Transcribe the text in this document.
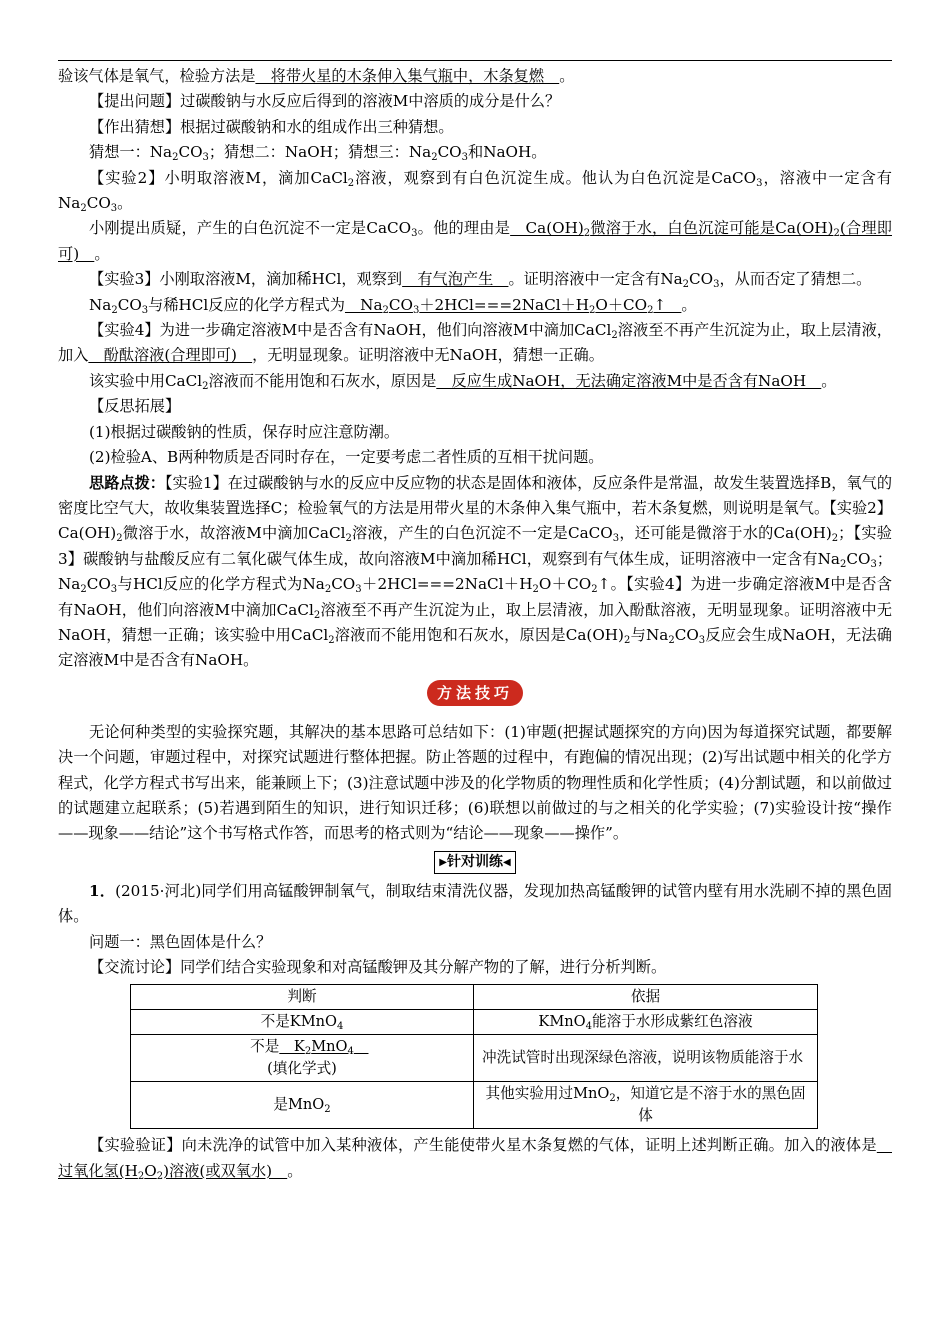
验该气体是氧气，检验方法是　将带火星的木条伸入集气瓶中，木条复燃　。

【提出问题】过碳酸钠与水反应后得到的溶液M中溶质的成分是什么？

【作出猜想】根据过碳酸钠和水的组成作出三种猜想。

猜想一：$Na_2CO_3$；猜想二：NaOH；猜想三：$Na_2CO_3$和NaOH。

【实验2】小明取溶液M，滴加CaCl$_2$溶液，观察到有白色沉淀生成。他认为白色沉淀是CaCO$_3$，溶液中一定含有$Na_2CO_3$。

小刚提出质疑，产生的白色沉淀不一定是CaCO$_3$。他的理由是　$Ca(OH)_2$微溶于水，白色沉淀可能是$Ca(OH)_2$(合理即可)　。

【实验3】小刚取溶液M，滴加稀HCl，观察到　有气泡产生　。证明溶液中一定含有$Na_2CO_3$，从而否定了猜想二。

$Na_2CO_3$与稀HCl反应的化学方程式为　$Na_2CO_3+2HCl===2NaCl+H_2O+CO_2↑$　。

【实验4】为进一步确定溶液M中是否含有NaOH，他们向溶液M中滴加CaCl$_2$溶液至不再产生沉淀为止，取上层清液，加入　酚酞溶液(合理即可)　，无明显现象。证明溶液中无NaOH，猜想一正确。

该实验中用CaCl$_2$溶液而不能用饱和石灰水，原因是　反应生成NaOH，无法确定溶液M中是否含有NaOH　。

【反思拓展】

(1)根据过碳酸钠的性质，保存时应注意防潮。

(2)检验A、B两种物质是否同时存在，一定要考虑二者性质的互相干扰问题。

思路点拨：【实验1】在过碳酸钠与水的反应中反应物的状态是固体和液体，反应条件是常温，故发生装置选择B，氧气的密度比空气大，故收集装置选择C；检验氧气的方法是用带火星的木条伸入集气瓶中，若木条复燃，则说明是氧气。【实验2】$Ca(OH)_2$微溶于水，故溶液M中滴加CaCl$_2$溶液，产生的白色沉淀不一定是CaCO$_3$，还可能是微溶于水的$Ca(OH)_2$；【实验3】碳酸钠与盐酸反应有二氧化碳气体生成，故向溶液M中滴加稀HCl，观察到有气体生成，证明溶液中一定含有$Na_2CO_3$；$Na_2CO_3$与HCl反应的化学方程式为$Na_2CO_3+2HCl===2NaCl+H_2O+CO_2↑$。【实验4】为进一步确定溶液M中是否含有NaOH，他们向溶液M中滴加CaCl$_2$溶液至不再产生沉淀为止，取上层清液，加入酚酞溶液，无明显现象。证明溶液中无NaOH，猜想一正确；该实验中用CaCl$_2$溶液而不能用饱和石灰水，原因是$Ca(OH)_2$与$Na_2CO_3$反应会生成NaOH，无法确定溶液M中是否含有NaOH。

方法技巧

无论何种类型的实验探究题，其解决的基本思路可总结如下：(1)审题(把握试题探究的方向)因为每道探究试题，都要解决一个问题，审题过程中，对探究试题进行整体把握。防止答题的过程中，有跑偏的情况出现；(2)写出试题中相关的化学方程式，化学方程式书写出来，能兼顾上下；(3)注意试题中涉及的化学物质的物理性质和化学性质；(4)分割试题，和以前做过的试题建立起联系；(5)若遇到陌生的知识，进行知识迁移；(6)联想以前做过的与之相关的化学实验；(7)实验设计按“操作——现象——结论”这个书写格式作答，而思考的格式则为“结论——现象——操作”。

▶针对训练◀

1．(2015·河北)同学们用高锰酸钾制氧气，制取结束清洗仪器，发现加热高锰酸钾的试管内壁有用水洗刷不掉的黑色固体。

问题一：黑色固体是什么？

【交流讨论】同学们结合实验现象和对高锰酸钾及其分解产物的了解，进行分析判断。

判断	依据
不是KMnO$_4$	KMnO$_4$能溶于水形成紫红色溶液
不是　$K_2MnO_4$　
(填化学式)	冲洗试管时出现深绿色溶液，说明该物质能溶于水
是MnO$_2$	其他实验用过MnO$_2$，知道它是不溶于水的黑色固体

【实验验证】向未洗净的试管中加入某种液体，产生能使带火星木条复燃的气体，证明上述判断正确。加入的液体是　过氧化氢$(H_2O_2)$溶液(或双氧水)　。
